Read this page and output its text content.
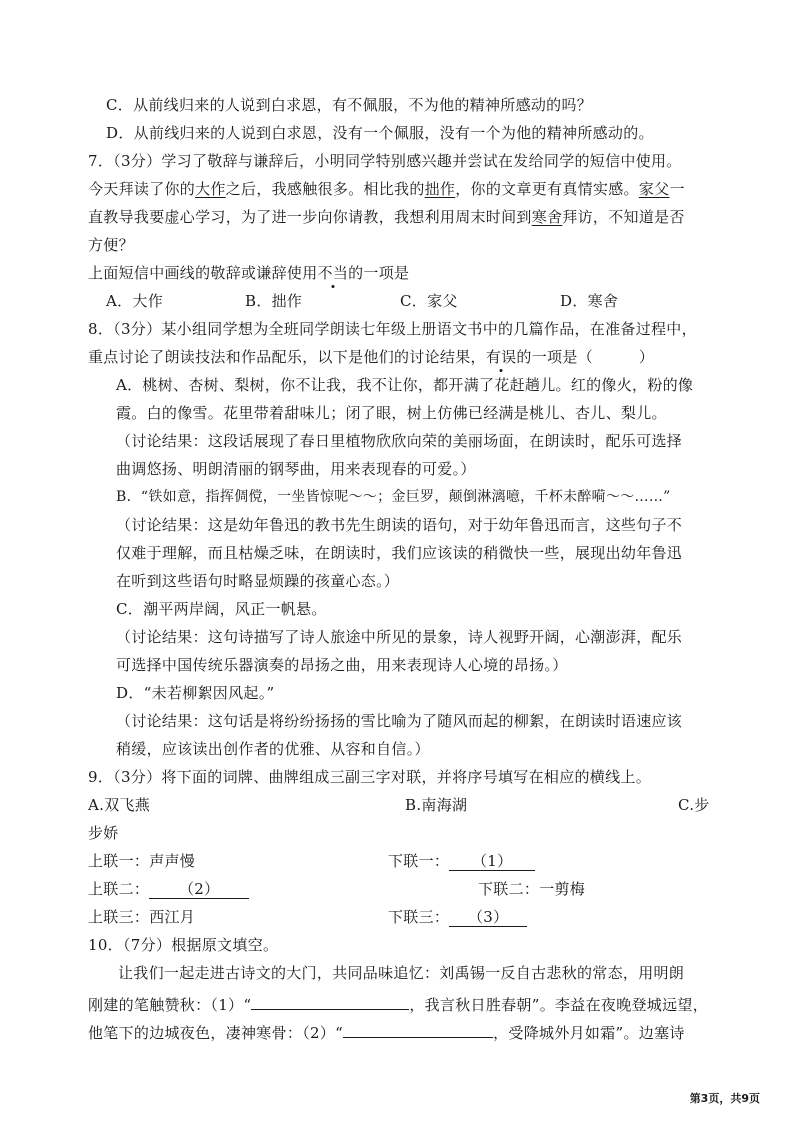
C．从前线归来的人说到白求恩，有不佩服，不为他的精神所感动的吗？
D．从前线归来的人说到白求恩，没有一个佩服，没有一个为他的精神所感动的。
7．（3分）学习了敬辞与谦辞后，小明同学特别感兴趣并尝试在发给同学的短信中使用。
今天拜读了你的大作之后，我感触很多。相比我的拙作，你的文章更有真情实感。家父一
直教导我要虚心学习，为了进一步向你请教，我想利用周末时间到寒舍拜访，不知道是否
方便？
上面短信中画线的敬辞或谦辞使用不当的一项是
A．大作	B．拙作	C．家父	D．寒舍
8．（3分）某小组同学想为全班同学朗读七年级上册语文书中的几篇作品，在准备过程中，
重点讨论了朗读技法和作品配乐，以下是他们的讨论结果，有误的一项是（　　　）
A．桃树、杏树、梨树，你不让我，我不让你，都开满了花赶趟儿。红的像火，粉的像
霞。白的像雪。花里带着甜味儿；闭了眼，树上仿佛已经满是桃儿、杏儿、梨儿。
（讨论结果：这段话展现了春日里植物欣欣向荣的美丽场面，在朗读时，配乐可选择
曲调悠扬、明朗清丽的钢琴曲，用来表现春的可爱。）
B．“铁如意，指挥倜傥，一坐皆惊呢～～；金巨罗，颠倒淋漓噫，千杯未醉嗬～～……”
（讨论结果：这是幼年鲁迅的教书先生朗读的语句，对于幼年鲁迅而言，这些句子不
仅难于理解，而且枯燥乏味，在朗读时，我们应该读的稍微快一些，展现出幼年鲁迅
在听到这些语句时略显烦躁的孩童心态。）
C．潮平两岸阔，风正一帆悬。
（讨论结果：这句诗描写了诗人旅途中所见的景象，诗人视野开阔，心潮澎湃，配乐
可选择中国传统乐器演奏的昂扬之曲，用来表现诗人心境的昂扬。）
D．“未若柳絮因风起。”
（讨论结果：这句话是将纷纷扬扬的雪比喻为了随风而起的柳絮，在朗读时语速应该
稍缓，应该读出创作者的优雅、从容和自信。）
9．（3分）将下面的词牌、曲牌组成三副三字对联，并将序号填写在相应的横线上。
A.双飞燕	B.南海湖	C.步
步娇
上联一：声声慢	下联一： （1）
上联二： （2）	下联二：一剪梅
上联三：西江月	下联三： （3）
10．（7分）根据原文填空。
让我们一起走进古诗文的大门，共同品味追忆：刘禹锡一反自古悲秋的常态，用明朗
刚建的笔触赞秋：（1）“	，我言秋日胜春朝”。李益在夜晚登城远望，
他笔下的边城夜色，凄神寒骨：（2）“	，受降城外月如霜”。边塞诗
第3页，共9页
